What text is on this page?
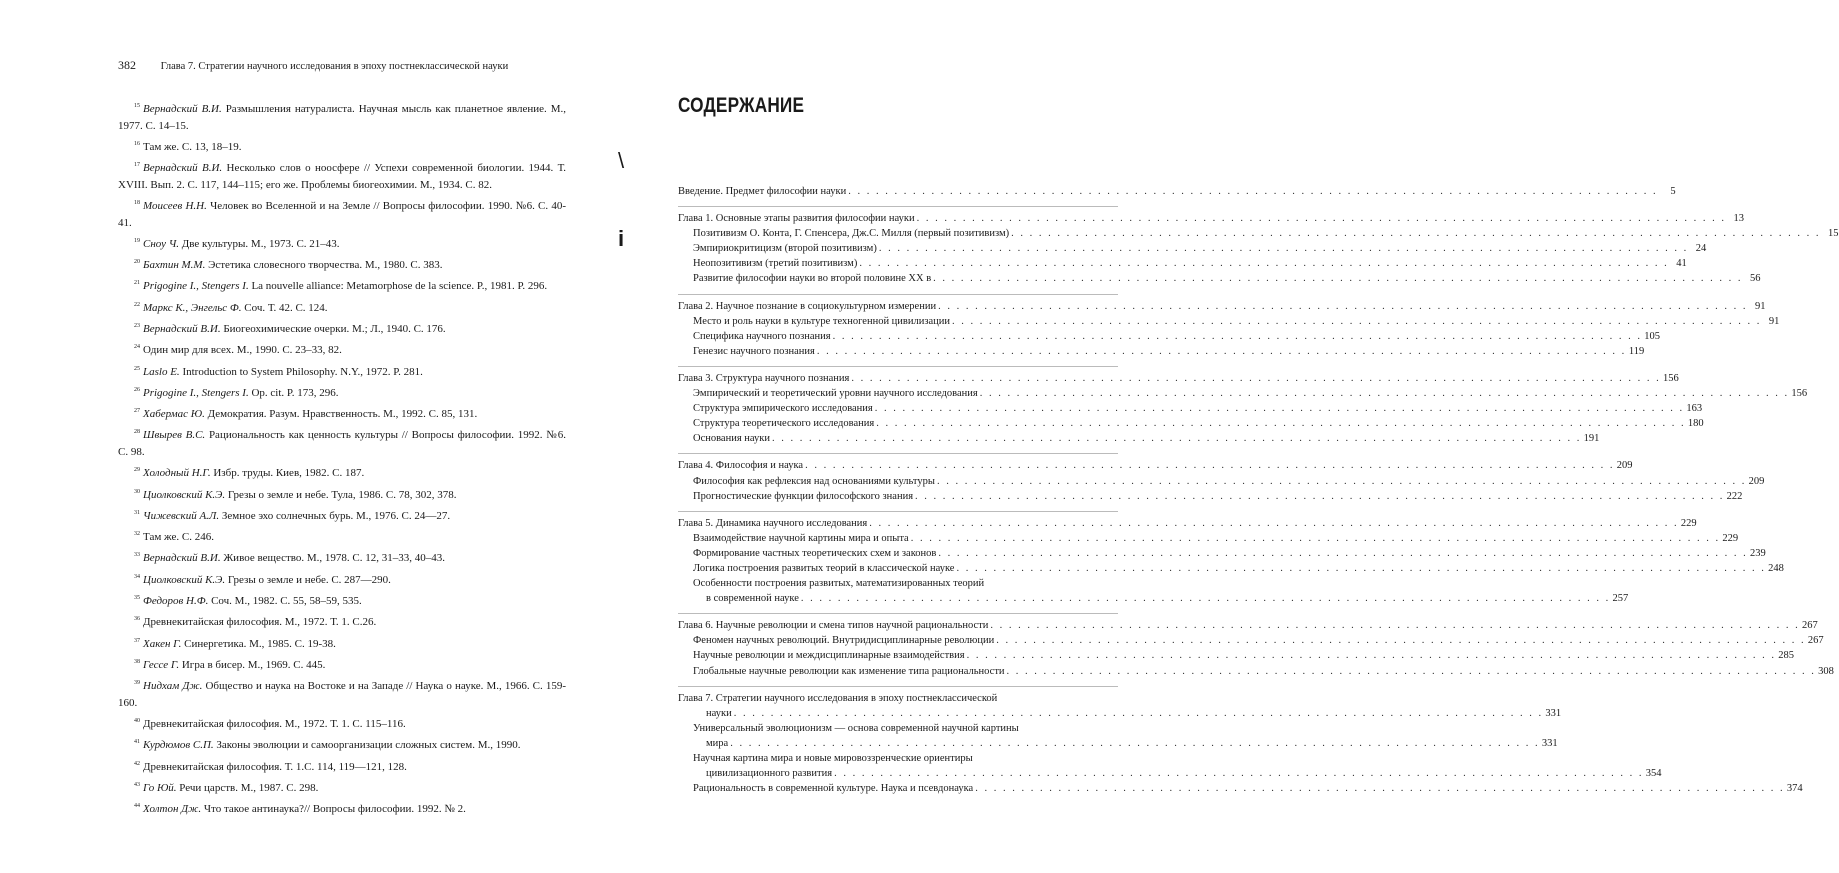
382 Глава 7. Стратегии научного исследования в эпоху постнеклассической науки

$^{15}$ Вернадский В.И. Размышления натуралиста. Научная мысль как планетное явление. М., 1977. С. 14–15.

$^{16}$ Там же. С. 13, 18–19.

$^{17}$ Вернадский В.И. Несколько слов о ноосфере // Успехи современной биологии. 1944. Т. XVIII. Вып. 2. С. 117, 144–115; его же. Проблемы биогеохимии. М., 1934. С. 82.

$^{18}$ Моисеев Н.Н. Человек во Вселенной и на Земле // Вопросы философии. 1990. №6. С. 40-41.

$^{19}$ Сноу Ч. Две культуры. М., 1973. С. 21–43.

$^{20}$ Бахтин М.М. Эстетика словесного творчества. М., 1980. С. 383.

$^{21}$ Prigogine I., Stengers I. La nouvelle alliance: Metamorphose de la science. P., 1981. P. 296.

$^{22}$ Маркс К., Энгельс Ф. Соч. Т. 42. С. 124.

$^{23}$ Вернадский В.И. Биогеохимические очерки. М.; Л., 1940. С. 176.

$^{24}$ Один мир для всех. М., 1990. С. 23–33, 82.

$^{25}$ Laslo E. Introduction to System Philosophy. N.Y., 1972. P. 281.

$^{26}$ Prigogine I., Stengers I. Op. cit. P. 173, 296.

$^{27}$ Хабермас Ю. Демократия. Разум. Нравственность. М., 1992. С. 85, 131.

$^{28}$ Швырев В.С. Рациональность как ценность культуры // Вопросы философии. 1992. №6. С. 98.

$^{29}$ Холодный Н.Г. Избр. труды. Киев, 1982. С. 187.

$^{30}$ Циолковский К.Э. Грезы о земле и небе. Тула, 1986. С. 78, 302, 378.

$^{31}$ Чижевский А.Л. Земное эхо солнечных бурь. М., 1976. С. 24—27.

$^{32}$ Там же. С. 246.

$^{33}$ Вернадский В.И. Живое вещество. М., 1978. С. 12, 31–33, 40–43.

$^{34}$ Циолковский К.Э. Грезы о земле и небе. С. 287—290.

$^{35}$ Федоров Н.Ф. Соч. М., 1982. С. 55, 58–59, 535.

$^{36}$ Древнекитайская философия. М., 1972. Т. 1. С.26.

$^{37}$ Хакен Г. Синергетика. М., 1985. С. 19-38.

$^{38}$ Гессе Г. Игра в бисер. М., 1969. С. 445.

$^{39}$ Нидхам Дж. Общество и наука на Востоке и на Западе // Наука о науке. М., 1966. С. 159-160.

$^{40}$ Древнекитайская философия. М., 1972. Т. 1. С. 115–116.

$^{41}$ Курдюмов С.П. Законы эволюции и самоорганизации сложных систем. М., 1990.

$^{42}$ Древнекитайская философия. Т. 1.С. 114, 119—121, 128.

$^{43}$ Го Юй. Речи царств. М., 1987. С. 298.

$^{44}$ Холтон Дж. Что такое антинаука?// Вопросы философии. 1992. № 2.

СОДЕРЖАНИЕ
\
i
Введение. Предмет философии науки . . .	5
Глава 1. Основные этапы развития философии науки . . .	13
Позитивизм О. Конта, Г. Спенсера, Дж.С. Милля (первый позитивизм) . . .	15
Эмпириокритицизм (второй позитивизм) . . .	24
Неопозитивизм (третий позитивизм) . . .	41
Развитие философии науки во второй половине XX в . . .	56
Глава 2. Научное познание в социокультурном измерении . . .	91
Место и роль науки в культуре техногенной цивилизации . . .	91
Специфика научного познания . . .	105
Генезис научного познания . . .	119
Глава 3. Структура научного познания . . .	156
Эмпирический и теоретический уровни научного исследования . . .	156
Структура эмпирического исследования . . .	163
Структура теоретического исследования . . .	180
Основания науки . . .	191
Глава 4. Философия и наука . . .	209
Философия как рефлексия над основаниями культуры . . .	209
Прогностические функции философского знания . . .	222
Глава 5. Динамика научного исследования . . .	229
Взаимодействие научной картины мира и опыта . . .	229
Формирование частных теоретических схем и законов . . .	239
Логика построения развитых теорий в классической науке . . .	248
Особенности построения развитых, математизированных теорий
в современной науке . . .	257
Глава 6. Научные революции и смена типов научной рациональности . . .	267
Феномен научных революций. Внутридисциплинарные революции . . .	267
Научные революции и междисциплинарные взаимодействия . . .	285
Глобальные научные революции как изменение типа рациональности . . .	308
Глава 7. Стратегии научного исследования в эпоху постнеклассической
науки . . .	331
Универсальный эволюционизм — основа современной научной картины
мира . . .	331
Научная картина мира и новые мировоззренческие ориентиры
цивилизационного развития . . .	354
Рациональность в современной культуре. Наука и псевдонаука . . .	374
